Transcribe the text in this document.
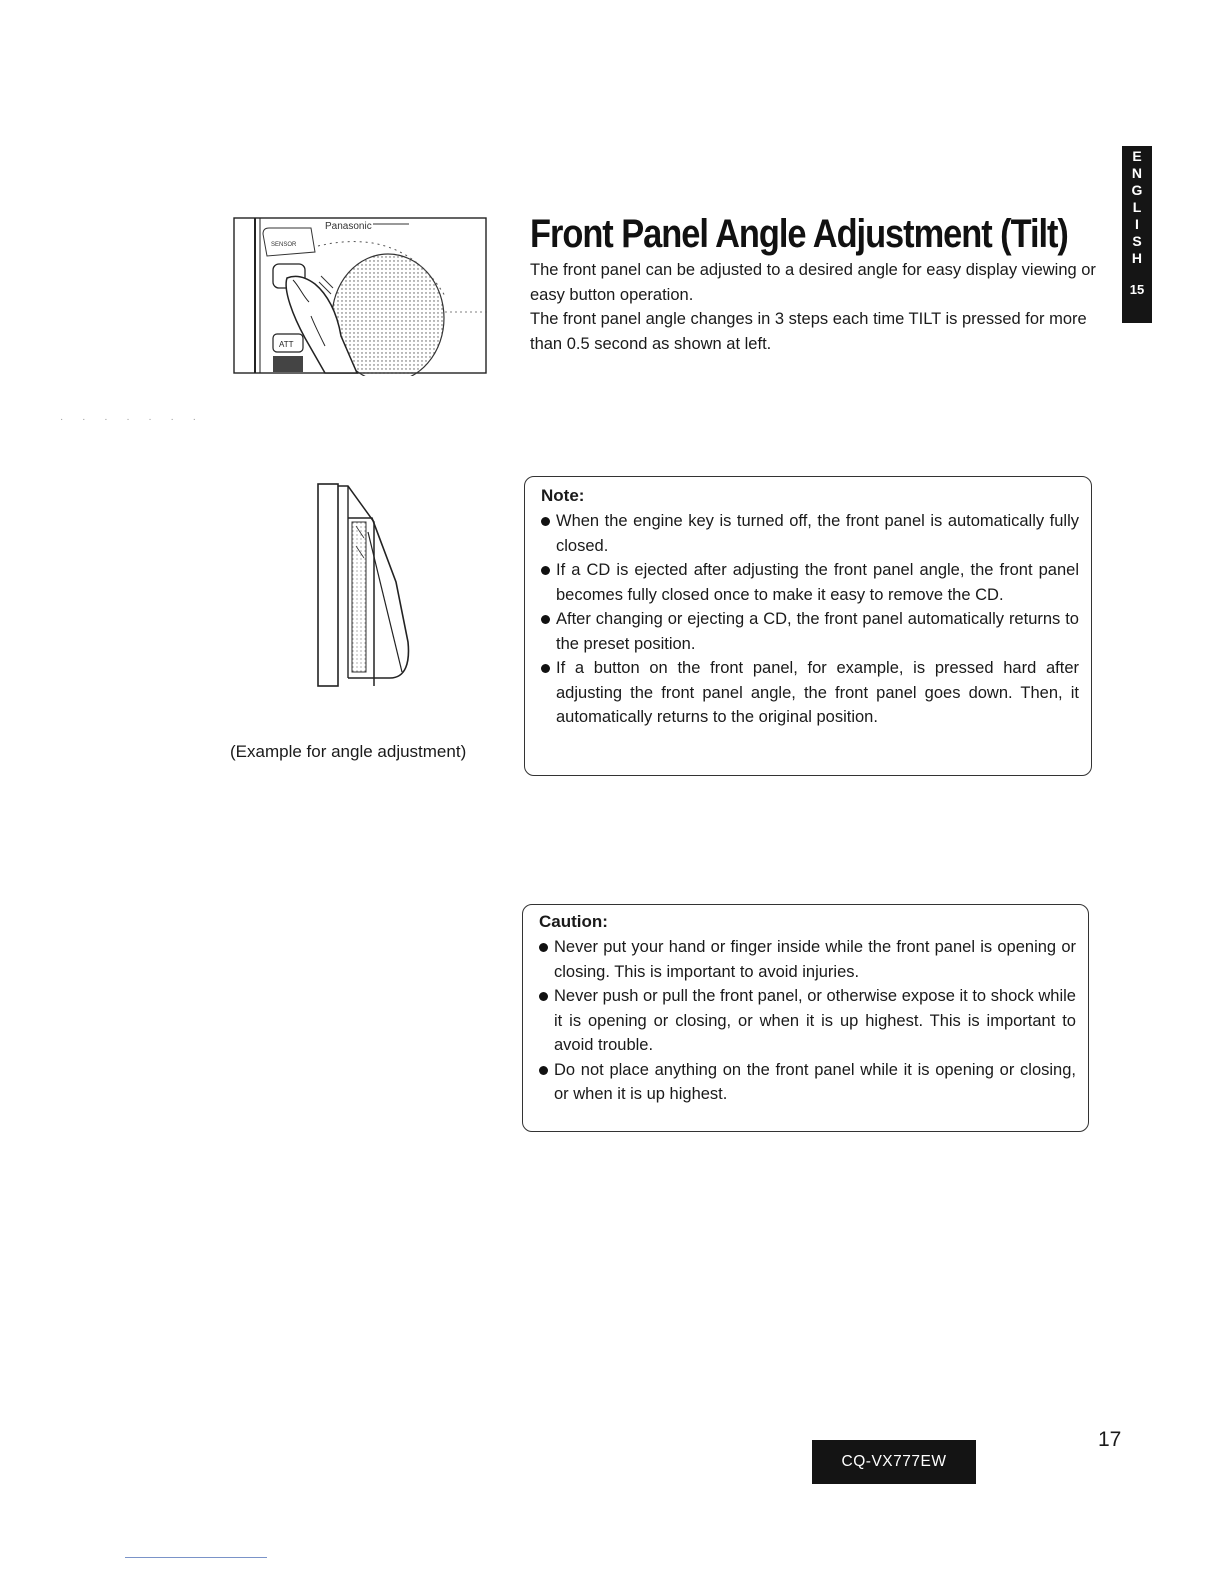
E
N
G
L
I
S
H
15
Panasonic
SENSOR
ATT
· · · · · · ·
Front Panel Angle Adjustment (Tilt)

The front panel can be adjusted to a desired angle for easy display viewing or easy button operation.

The front panel angle changes in 3 steps each time TILT is pressed for more than 0.5 second as shown at left.

(Example for angle adjustment)
Note:
When the engine key is turned off, the front panel is automatically fully closed.
If a CD is ejected after adjusting the front panel angle, the front panel becomes fully closed once to make it easy to remove the CD.
After changing or ejecting a CD, the front panel automatically returns to the preset position.
If a button on the front panel, for example, is pressed hard after adjusting the front panel angle, the front panel goes down. Then, it automatically returns to the original position.
Caution:
Never put your hand or finger inside while the front panel is opening or closing. This is important to avoid injuries.
Never push or pull the front panel, or otherwise expose it to shock while it is opening or closing, or when it is up highest. This is important to avoid trouble.
Do not place anything on the front panel while it is opening or closing, or when it is up highest.
CQ-VX777EW
17
